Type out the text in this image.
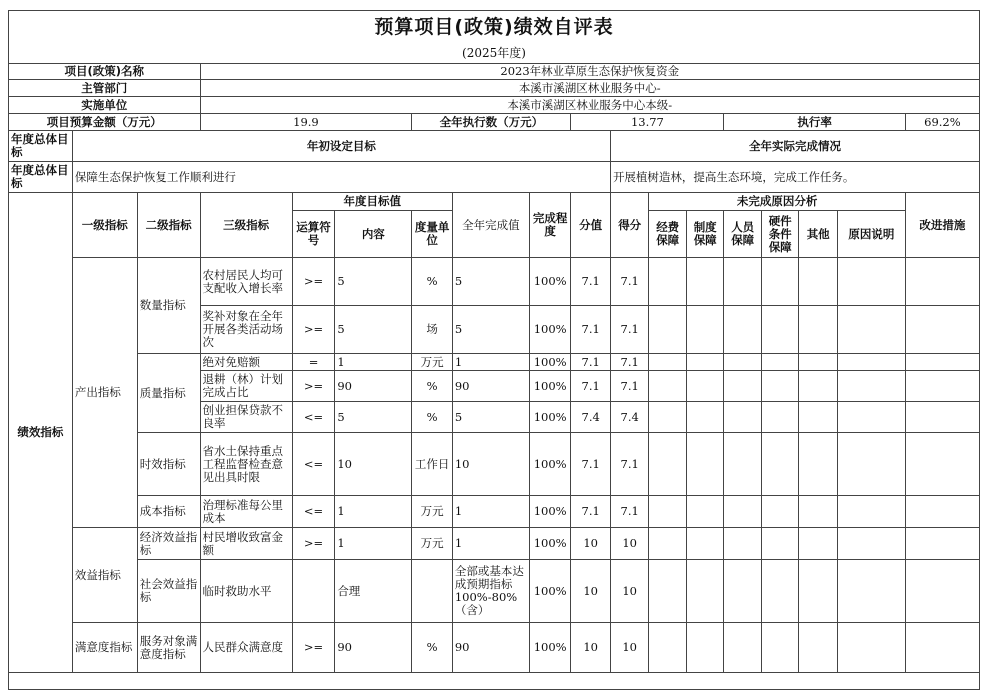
预算项目(政策)绩效自评表
(2025年度)
项目(政策)名称			2023年林业草原生态保护恢复资金														
主管部门			本溪市溪湖区林业服务中心-														
实施单位			本溪市溪湖区林业服务中心本级-														
项目预算金额（万元）			19.9			全年执行数（万元）			13.77				执行率				69.2%
年度总体目标	年初设定目标									全年实际完成情况							
年度总体目标	保障生态保护恢复工作顺利进行									开展植树造林，提高生态环境，完成工作任务。							
绩效指标	一级指标	二级指标	三级指标	年度目标值			全年完成值	完成程度	分值	得分	未完成原因分析						改进措施
				运算符号	内容	度量单位					经费保障	制度保障	人员保障	硬件条件保障	其他	原因说明	
	产出指标	数量指标	农村居民人均可支配收入增长率	>=	5	%	5	100%	7.1	7.1							
			奖补对象在全年开展各类活动场次	>=	5	场	5	100%	7.1	7.1							
		质量指标	绝对免赔额	=	1	万元	1	100%	7.1	7.1							
			退耕（林）计划完成占比	>=	90	%	90	100%	7.1	7.1							
			创业担保贷款不良率	<=	5	%	5	100%	7.4	7.4							
		时效指标	省水土保持重点工程监督检查意见出具时限	<=	10	工作日	10	100%	7.1	7.1							
		成本指标	治理标准每公里成本	<=	1	万元	1	100%	7.1	7.1							
	效益指标	经济效益指标	村民增收致富金额	>=	1	万元	1	100%	10	10							
		社会效益指标	临时救助水平		合理		全部或基本达成预期指标100%-80%（含）	100%	10	10							
	满意度指标	服务对象满意度指标	人民群众满意度	>=	90	%	90	100%	10	10							
